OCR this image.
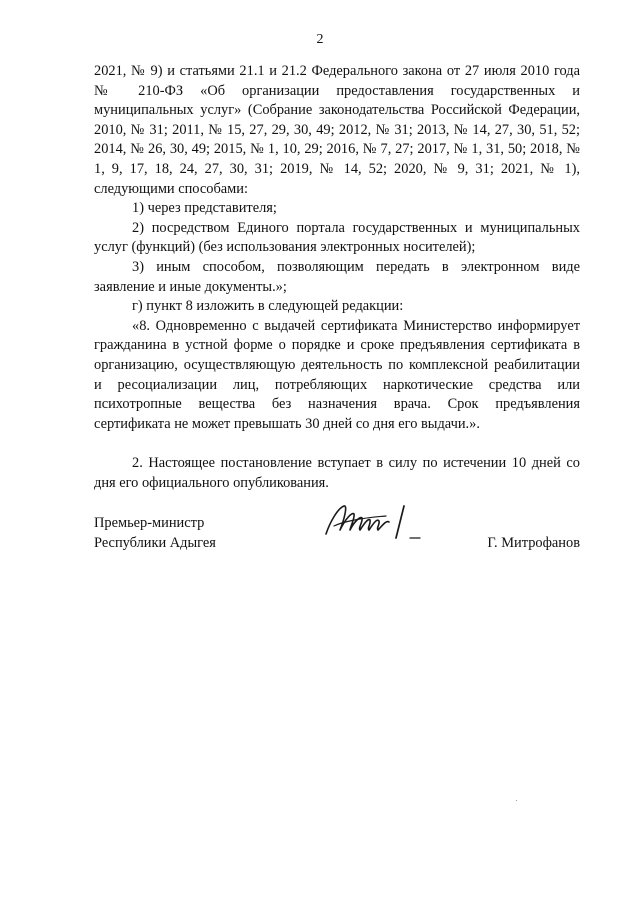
2

2021, № 9) и статьями 21.1 и 21.2 Федерального закона от 27 июля 2010 года № 210-ФЗ «Об организации предоставления государственных и муниципальных услуг» (Собрание законодательства Российской Федерации, 2010, № 31; 2011, № 15, 27, 29, 30, 49; 2012, № 31; 2013, № 14, 27, 30, 51, 52; 2014, № 26, 30, 49; 2015, № 1, 10, 29; 2016, № 7, 27; 2017, № 1, 31, 50; 2018, № 1, 9, 17, 18, 24, 27, 30, 31; 2019, № 14, 52; 2020, № 9, 31; 2021, № 1), следующими способами:

1) через представителя;

2) посредством Единого портала государственных и муниципальных услуг (функций) (без использования электронных носителей);

3) иным способом, позволяющим передать в электронном виде заявление и иные документы.»;

г) пункт 8 изложить в следующей редакции:

«8. Одновременно с выдачей сертификата Министерство информирует гражданина в устной форме о порядке и сроке предъявления сертификата в организацию, осуществляющую деятельность по комплексной реабилитации и ресоциализации лиц, потребляющих наркотические средства или психотропные вещества без назначения врача. Срок предъявления сертификата не может превышать 30 дней со дня его выдачи.».

2. Настоящее постановление вступает в силу по истечении 10 дней со дня его официального опубликования.

Премьер-министр
Республики Адыгея	Г. Митрофанов
